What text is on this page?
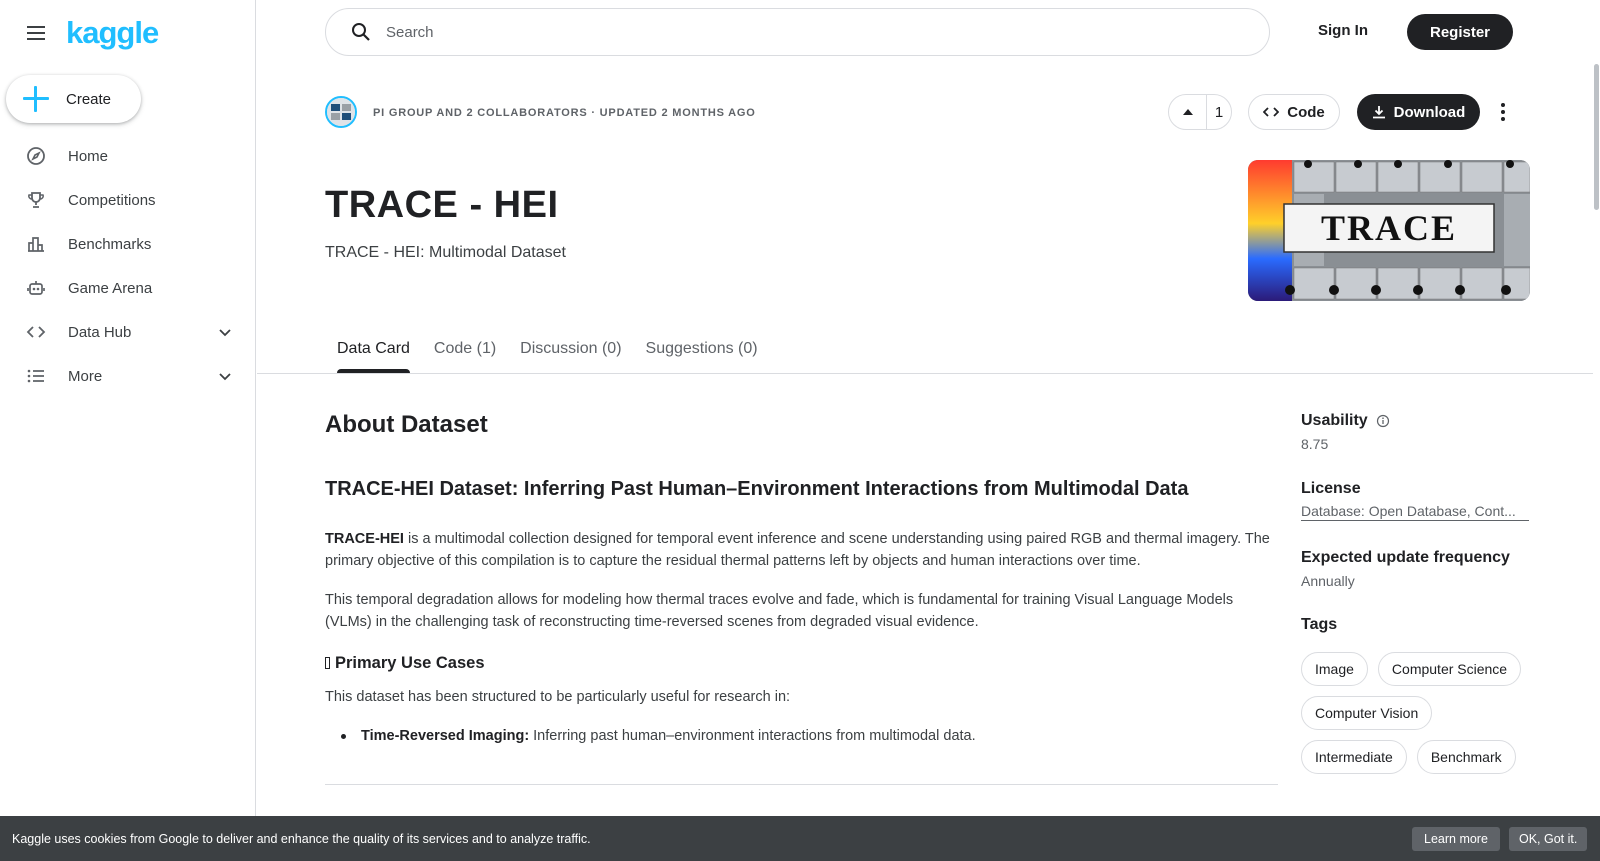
kaggle
Create
Home
Competitions
Benchmarks
Game Arena
Data Hub
More
Search
Sign In	Register
PI GROUP AND 2 COLLABORATORS · UPDATED 2 MONTHS AGO	1	Code	Download
TRACE - HEI
TRACE - HEI: Multimodal Dataset
TRACE
Data Card Code (1) Discussion (0) Suggestions (0)
About Dataset
TRACE-HEI Dataset: Inferring Past Human–Environment Interactions from Multimodal Data

TRACE-HEI is a multimodal collection designed for temporal event inference and scene understanding using paired RGB and thermal imagery. The primary objective of this compilation is to capture the residual thermal patterns left by objects and human interactions over time.

This temporal degradation allows for modeling how thermal traces evolve and fade, which is fundamental for training Visual Language Models (VLMs) in the challenging task of reconstructing time-reversed scenes from degraded visual evidence.

Primary Use Cases

This dataset has been structured to be particularly useful for research in:

Time-Reversed Imaging: Inferring past human–environment interactions from multimodal data.
Usability
8.75
License
Database: Open Database, Cont...
Expected update frequency
Annually
Tags
Image	Computer Science
Computer Vision
Intermediate	Benchmark
Kaggle uses cookies from Google to deliver and enhance the quality of its services and to analyze traffic.	Learn more	OK, Got it.
